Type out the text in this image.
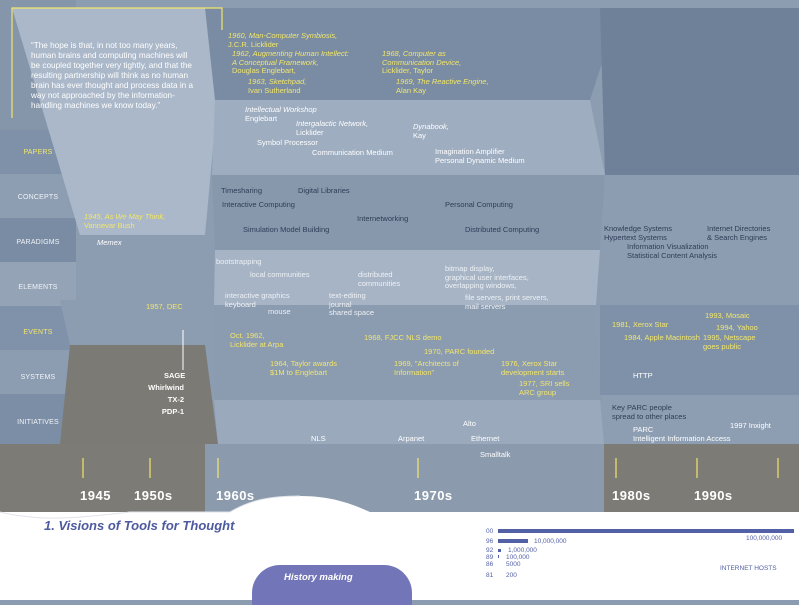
“The hope is that, in not too many years, human brains and computing machines will be coupled together very tightly, and that the resulting partnership will think as no human brain has ever thought and process data in a way not approached by the information-handling machines we know today.”
PAPERS
CONCEPTS
PARADIGMS
ELEMENTS
EVENTS
SYSTEMS
INITIATIVES
1960, Man-Computer Symbiosis,
J.C.R. Licklider
1962, Augmenting Human Intellect:
A Conceptual Framework,
Douglas Englebart,
1963, Sketchpad,
Ivan Sutherland
1968, Computer as
Communication Device,
Licklider, Taylor
1969, The Reactive Engine,
Alan Kay
1945, As We May Think,
Vannevar Bush
Intellectual Workshop
Englebart
Intergalactic Network,
Licklider
Dynabook,
Kay
Symbol Processor
Communication Medium	Imagination Amplifier
Personal Dynamic Medium
Memex
Timesharing	Digital Libraries
Interactive Computing	Personal Computing
Internetworking
Simulation Model Building	Distributed Computing	Knowledge Systems
Hypertext Systems
Internet Directories
& Search Engines
Information Visualization
Statistical Content Analysis
bootstrapping
local communities	distributed
communities
bitmap display,
graphical user interfaces,
overlapping windows,
interactive graphics
keyboard
mouse
text-editing
journal
shared space
file servers, print servers,
mail servers
1957, DEC
Oct. 1962,
Licklider at Arpa
1968, FJCC NLS demo
1970, PARC founded
1964, Taylor awards
$1M to Englebart
1969, "Architects of
Information"
1976, Xerox Star
development starts
1977, SRI sells
ARC group
1981, Xerox Star
1993, Mosaic
1994, Yahoo
1984, Apple Macintosh 1995, Netscape
goes public
SAGE
Whirlwind
TX-2
PDP-1
HTTP
NLS	Arpanet
Alto
Ethernet
Smalltalk
Key PARC people
spread to other places
1997 Inxight
PARC
Intelligent Information Access
1945 1950s	1960s	1970s	1980s	1990s
1. Visions of Tools for Thought
History making
00
100,000,000
96	10,000,000
92 1,000,000
89 100,000
86 5000
81 200
INTERNET HOSTS
